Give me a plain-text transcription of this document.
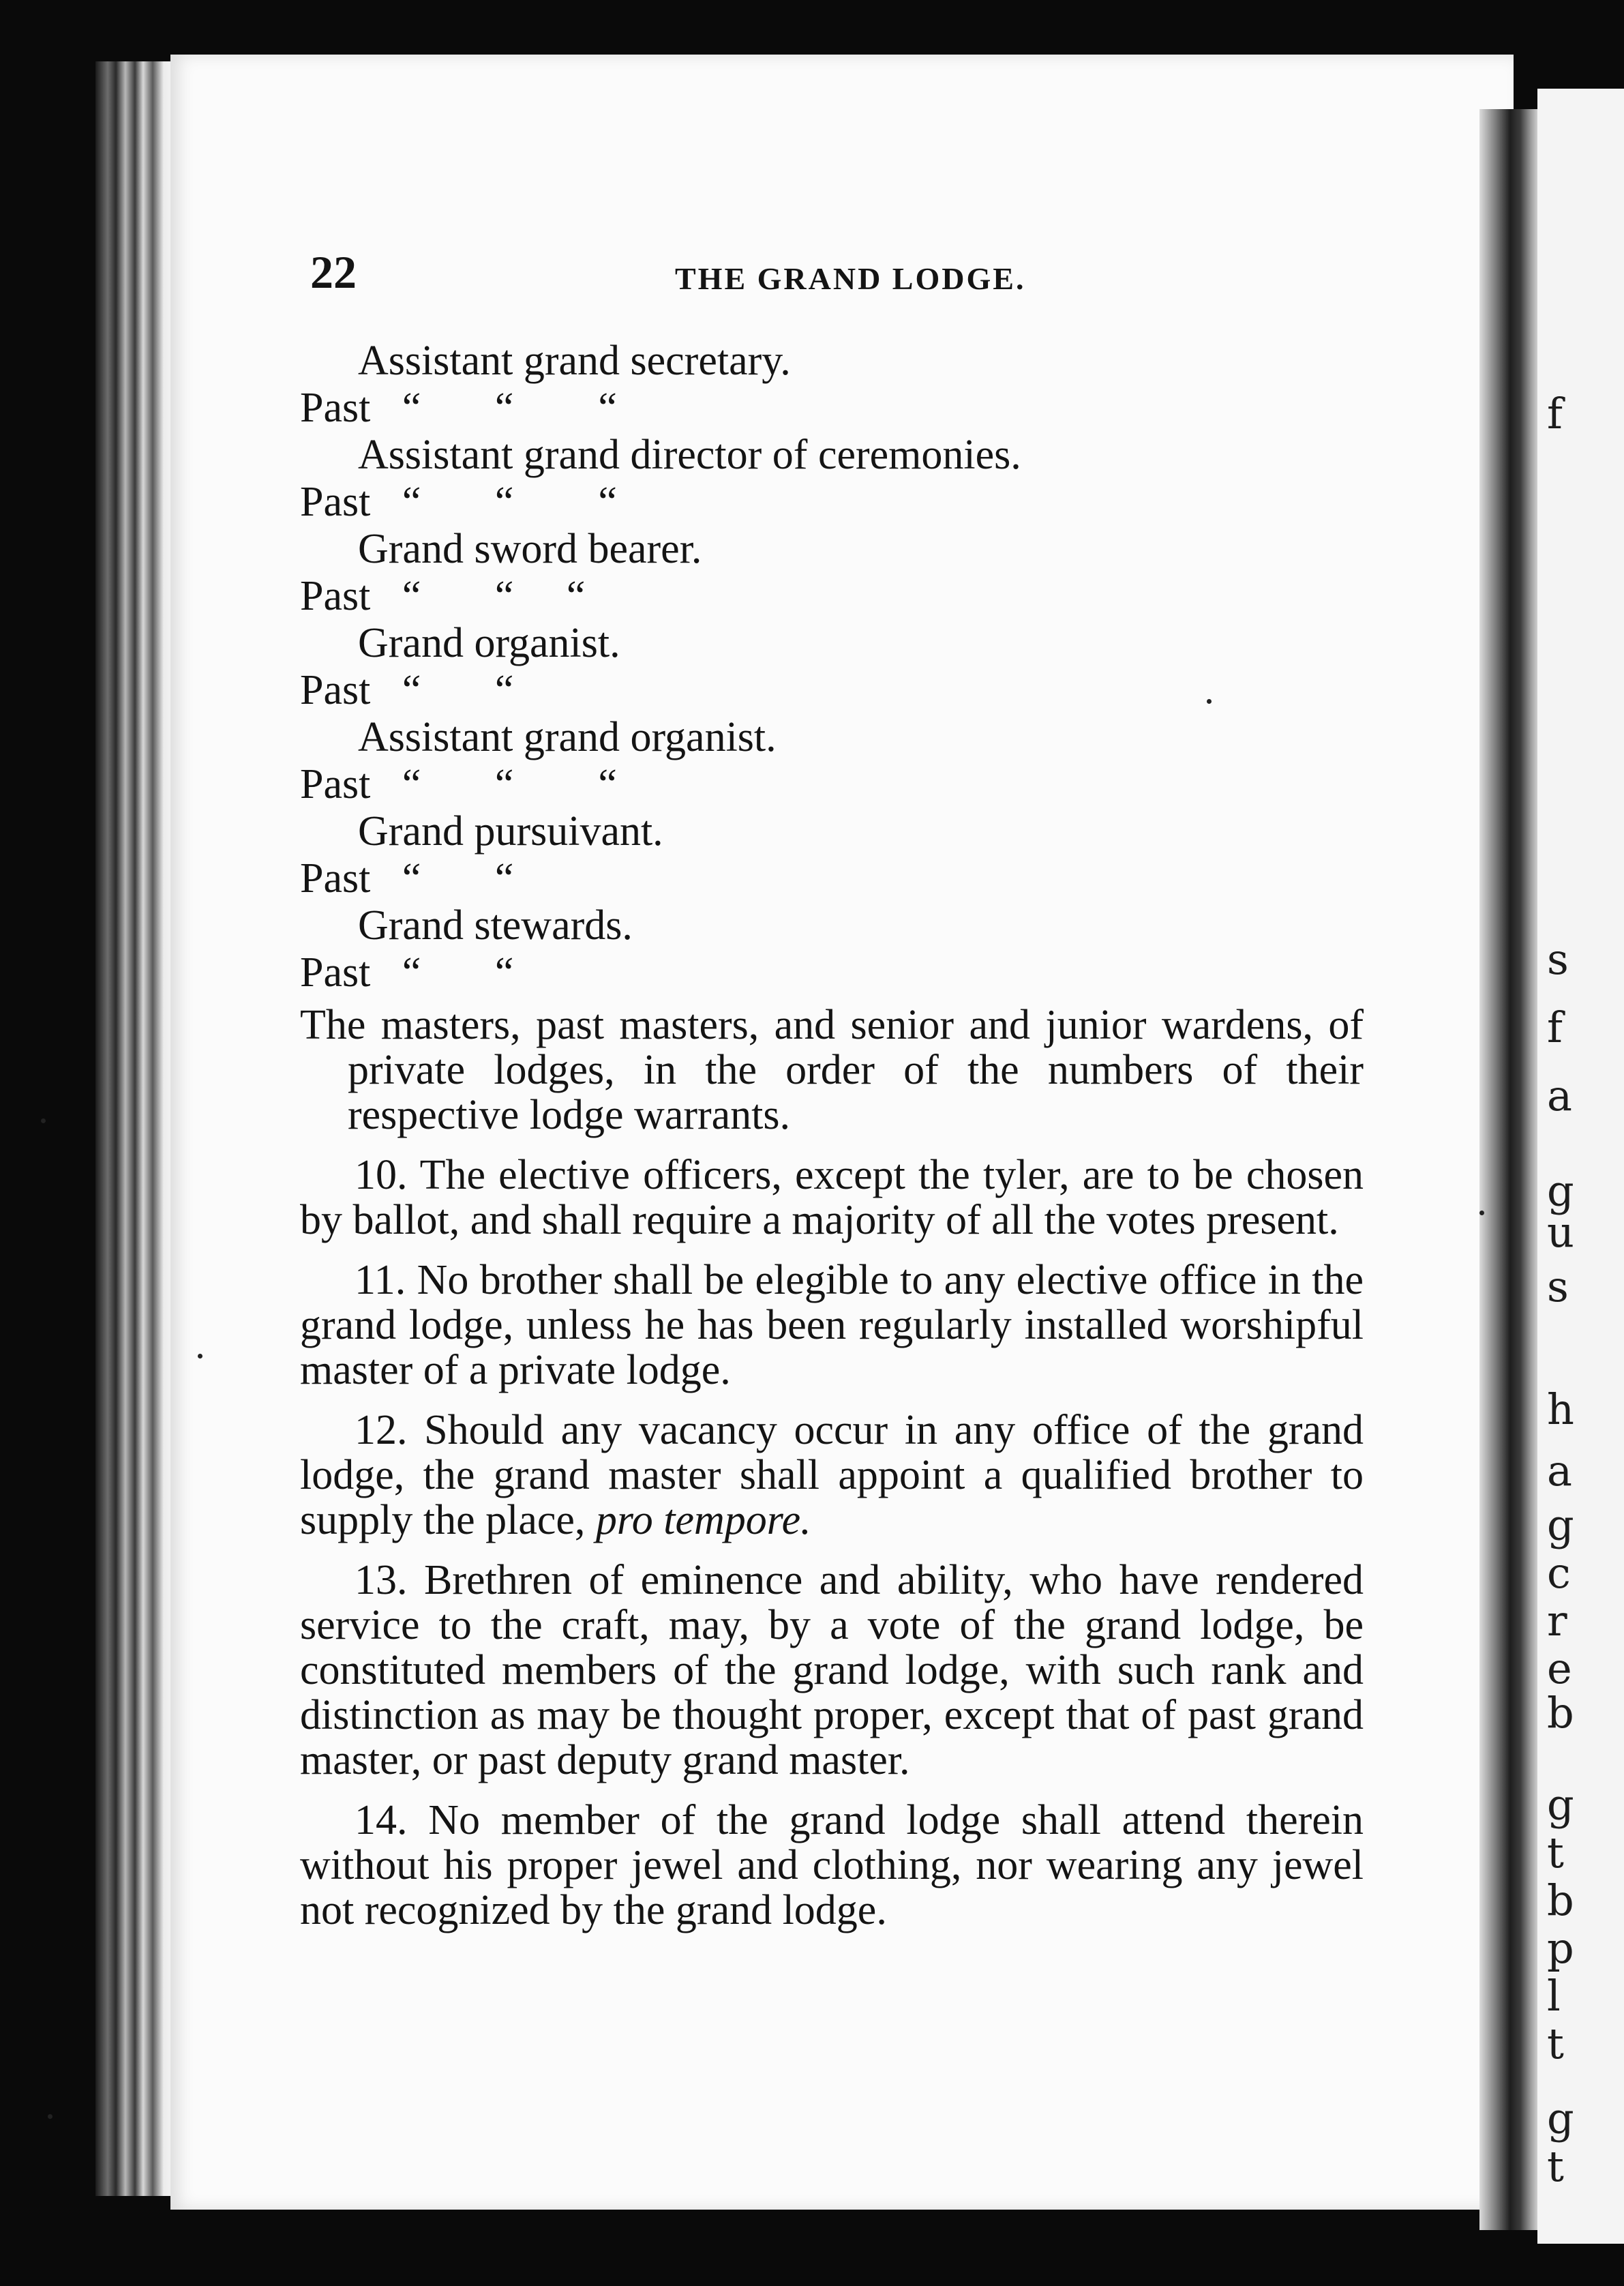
f
s
f
a
g
u
s
h
a
g
c
r
e
b
g
t
b
p
l
t
g
t
22	THE GRAND LODGE.
Assistant grand secretary.
Past   “       “        “
Assistant grand director of ceremonies.
Past   “       “        “
Grand sword bearer.
Past   “       “     “
Grand organist.
Past   “       “
Assistant grand organist.
Past   “       “        “
Grand pursuivant.
Past   “       “
Grand stewards.
Past   “       “

The masters, past masters, and senior and junior wardens, of private lodges, in the order of the numbers of their respective lodge warrants.

10. The elective officers, except the tyler, are to be chosen by ballot, and shall require a majority of all the votes present.

11. No brother shall be elegible to any elective office in the grand lodge, unless he has been regularly installed worshipful master of a private lodge.

12. Should any vacancy occur in any office of the grand lodge, the grand master shall appoint a qualified brother to supply the place, pro tempore.

13. Brethren of eminence and ability, who have rendered service to the craft, may, by a vote of the grand lodge, be constituted members of the grand lodge, with such rank and distinction as may be thought proper, except that of past grand master, or past deputy grand master.

14. No member of the grand lodge shall attend therein without his proper jewel and clothing, nor wearing any jewel not recognized by the grand lodge.
